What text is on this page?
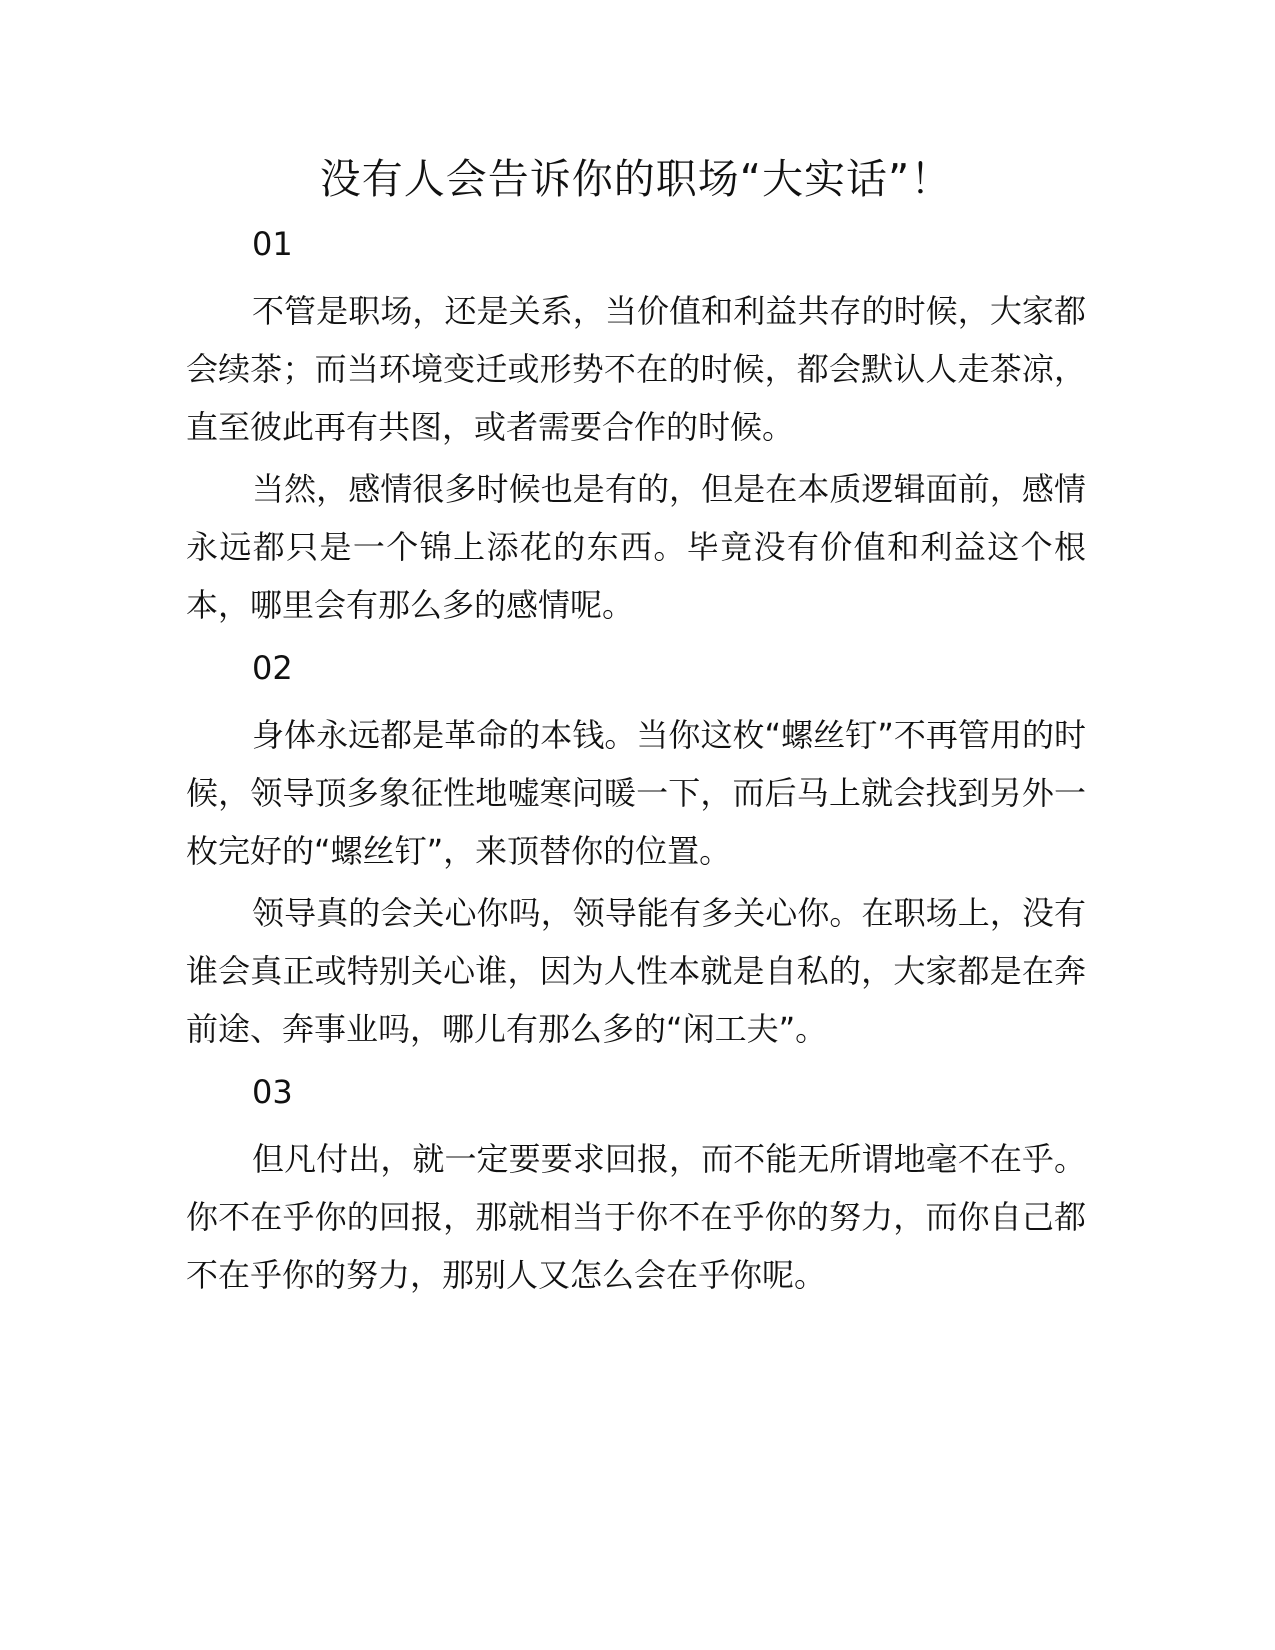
没有人会告诉你的职场“大实话”！
01

不管是职场，还是关系，当价值和利益共存的时候，大家都会续茶；而当环境变迁或形势不在的时候，都会默认人走茶凉，直至彼此再有共图，或者需要合作的时候。

当然，感情很多时候也是有的，但是在本质逻辑面前，感情永远都只是一个锦上添花的东西。毕竟没有价值和利益这个根本，哪里会有那么多的感情呢。

02

身体永远都是革命的本钱。当你这枚“螺丝钉”不再管用的时候，领导顶多象征性地嘘寒问暖一下，而后马上就会找到另外一枚完好的“螺丝钉”，来顶替你的位置。

领导真的会关心你吗，领导能有多关心你。在职场上，没有谁会真正或特别关心谁，因为人性本就是自私的，大家都是在奔前途、奔事业吗，哪儿有那么多的“闲工夫”。

03

但凡付出，就一定要要求回报，而不能无所谓地毫不在乎。你不在乎你的回报，那就相当于你不在乎你的努力，而你自己都不在乎你的努力，那别人又怎么会在乎你呢。
